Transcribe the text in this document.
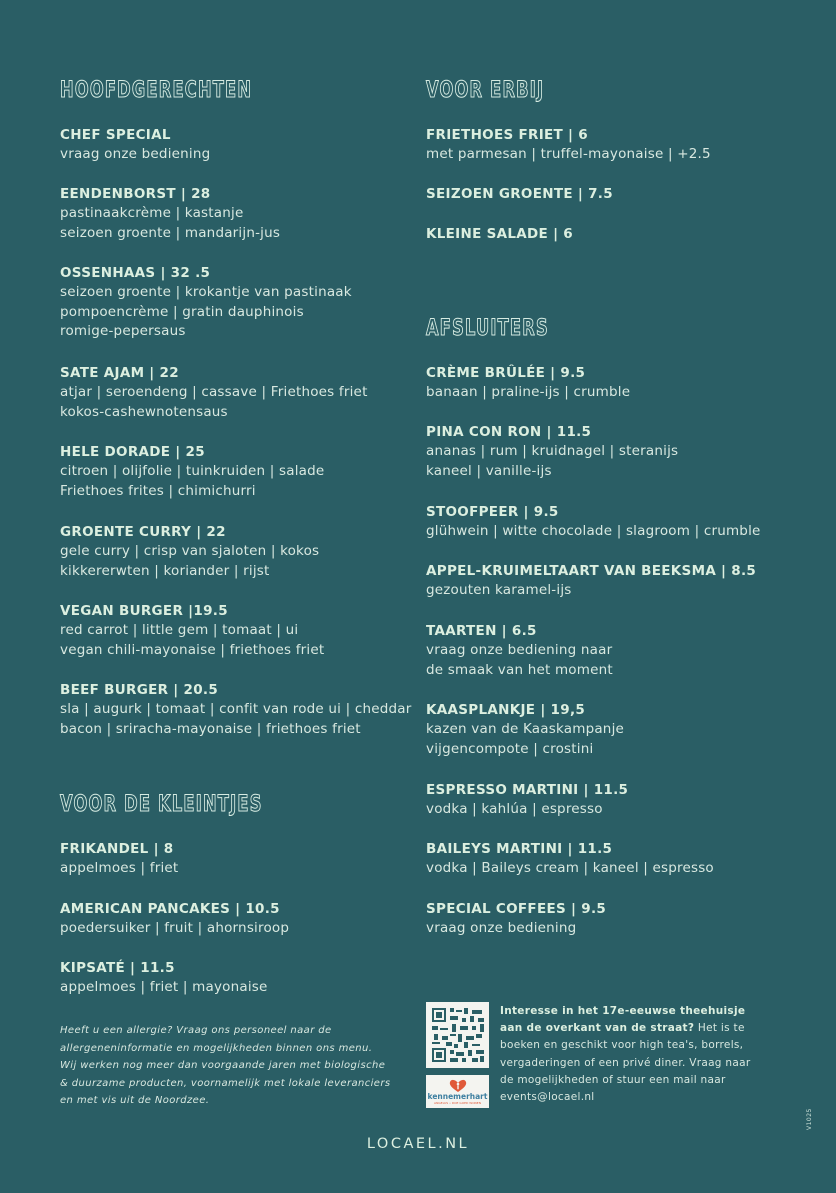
HOOFDGERECHTEN
CHEF SPECIAL
vraag onze bediening
EENDENBORST | 28
pastinaakcrème | kastanje
seizoen groente | mandarijn-jus
OSSENHAAS | 32 .5
seizoen groente | krokantje van pastinaak
pompoencrème | gratin dauphinois
romige-pepersaus
SATE AJAM | 22
atjar | seroendeng | cassave | Friethoes friet
kokos-cashewnotensaus
HELE DORADE | 25
citroen | olijfolie | tuinkruiden | salade
Friethoes frites | chimichurri
GROENTE CURRY | 22
gele curry | crisp van sjaloten | kokos
kikkererwten | koriander | rijst
VEGAN BURGER |19.5
red carrot | little gem | tomaat | ui
vegan chili-mayonaise | friethoes friet
BEEF BURGER | 20.5
sla | augurk | tomaat | confit van rode ui | cheddar
bacon | sriracha-mayonaise | friethoes friet
VOOR DE KLEINTJES
FRIKANDEL | 8
appelmoes | friet
AMERICAN PANCAKES | 10.5
poedersuiker | fruit | ahornsiroop
KIPSATÉ | 11.5
appelmoes | friet | mayonaise
Heeft u een allergie? Vraag ons personeel naar de
allergeneninformatie en mogelijkheden binnen ons menu.
Wij werken nog meer dan voorgaande jaren met biologische
& duurzame producten, voornamelijk met lokale leveranciers
en met vis uit de Noordzee.
VOOR ERBIJ
FRIETHOES FRIET | 6
met parmesan | truffel-mayonaise | +2.5
SEIZOEN GROENTE | 7.5
KLEINE SALADE | 6
AFSLUITERS
CRÈME BRÛLÉE | 9.5
banaan | praline-ijs | crumble
PINA CON RON | 11.5
ananas | rum | kruidnagel | steranijs
kaneel | vanille-ijs
STOOFPEER | 9.5
glühwein | witte chocolade | slagroom | crumble
APPEL-KRUIMELTAART VAN BEEKSMA | 8.5
gezouten karamel-ijs
TAARTEN | 6.5
vraag onze bediening naar
de smaak van het moment
KAASPLANKJE | 19,5
kazen van de Kaaskampanje
vijgencompote | crostini
ESPRESSO MARTINI | 11.5
vodka | kahlúa | espresso
BAILEYS MARTINI | 11.5
vodka | Baileys cream | kaneel | espresso
SPECIAL COFFEES | 9.5
vraag onze bediening
kennemerhart
ANGELUS • DOE GOED WONEN
Interesse in het 17e-eeuwse theehuisje
aan de overkant van de straat? Het is te
boeken en geschikt voor high tea's, borrels,
vergaderingen of een privé diner. Vraag naar
de mogelijkheden of stuur een mail naar
events@locael.nl
LOCAEL.NL
V1025
